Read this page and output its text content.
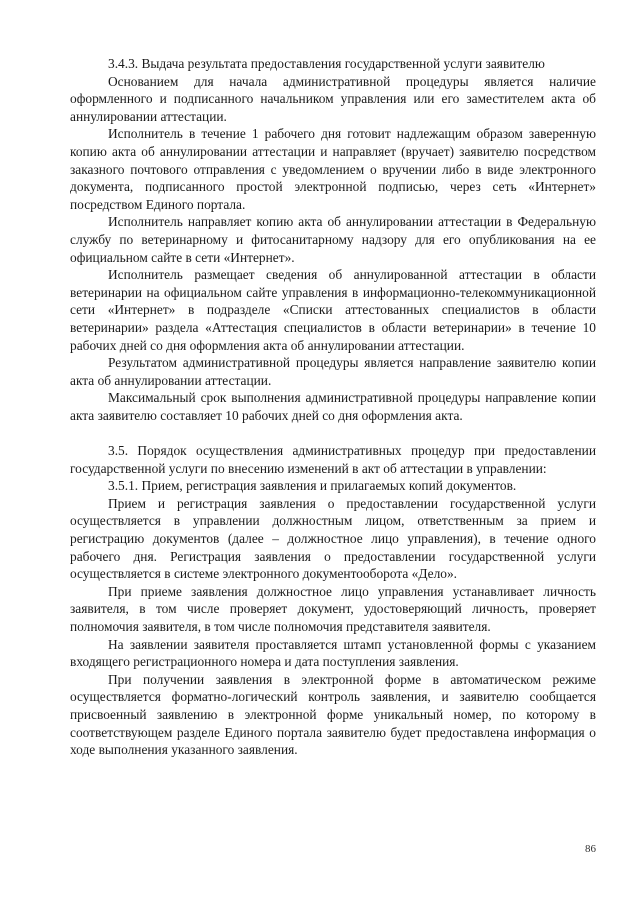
3.4.3. Выдача результата предоставления государственной услуги заявителю

Основанием для начала административной процедуры является наличие оформленного и подписанного начальником управления или его заместителем акта об аннулировании аттестации.

Исполнитель в течение 1 рабочего дня готовит надлежащим образом заверенную копию акта об аннулировании аттестации и направляет (вручает) заявителю посредством заказного почтового отправления с уведомлением о вручении либо в виде электронного документа, подписанного простой электронной подписью, через сеть «Интернет» посредством Единого портала.

Исполнитель направляет копию акта об аннулировании аттестации в Федеральную службу по ветеринарному и фитосанитарному надзору для его опубликования на ее официальном сайте в сети «Интернет».

Исполнитель размещает сведения об аннулированной аттестации в области ветеринарии на официальном сайте управления в информационно-телекоммуникационной сети «Интернет» в подразделе «Списки аттестованных специалистов в области ветеринарии» раздела «Аттестация специалистов в области ветеринарии» в течение 10 рабочих дней со дня оформления акта об аннулировании аттестации.

Результатом административной процедуры является направление заявителю копии акта об аннулировании аттестации.

Максимальный срок выполнения административной процедуры направление копии акта заявителю составляет 10 рабочих дней со дня оформления акта.

3.5. Порядок осуществления административных процедур при предоставлении государственной услуги по внесению изменений в акт об аттестации в управлении:

3.5.1. Прием, регистрация заявления и прилагаемых копий документов.

Прием и регистрация заявления о предоставлении государственной услуги осуществляется в управлении должностным лицом, ответственным за прием и регистрацию документов (далее – должностное лицо управления), в течение одного рабочего дня. Регистрация заявления о предоставлении государственной услуги осуществляется в системе электронного документооборота «Дело».

При приеме заявления должностное лицо управления устанавливает личность заявителя, в том числе проверяет документ, удостоверяющий личность, проверяет полномочия заявителя, в том числе полномочия представителя заявителя.

На заявлении заявителя проставляется штамп установленной формы с указанием входящего регистрационного номера и дата поступления заявления.

При получении заявления в электронной форме в автоматическом режиме осуществляется форматно-логический контроль заявления, и заявителю сообщается присвоенный заявлению в электронной форме уникальный номер, по которому в соответствующем разделе Единого портала заявителю будет предоставлена информация о ходе выполнения указанного заявления.

86
